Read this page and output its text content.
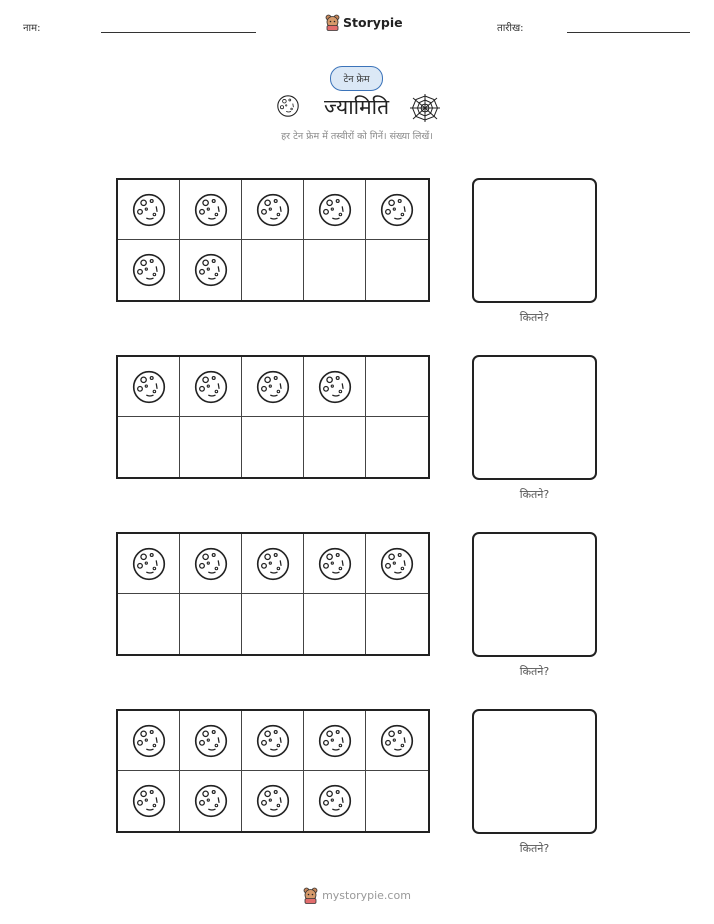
नाम:	Storypie	तारीख:
टेन फ्रेम
ज्यामिति
हर टेन फ्रेम में तस्वीरों को गिनें। संख्या लिखें।
कितने?
कितने?
कितने?
कितने?
mystorypie.com
